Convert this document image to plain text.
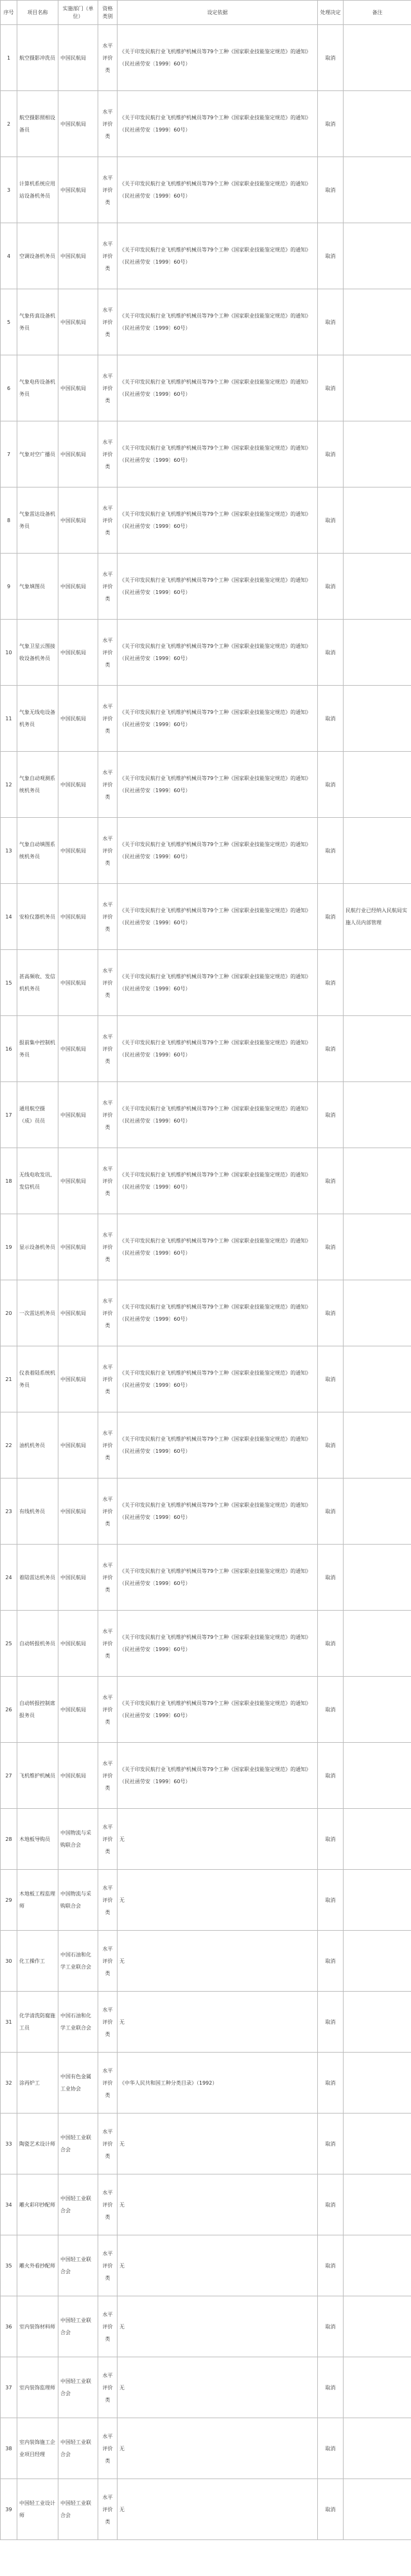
序号	项目名称	实施部门（单位）	资格类别	设定依据	处理决定	备注
1	航空摄影冲洗员	中国民航局	水平评价类	《关于印发民航行业飞机维护机械员等79个工种《国家职业技能鉴定规范》的通知》（民社函劳安〔1999〕60号）	取消	
2	航空摄影照相设备员	中国民航局	水平评价类	《关于印发民航行业飞机维护机械员等79个工种《国家职业技能鉴定规范》的通知》（民社函劳安〔1999〕60号）	取消	
3	计算机系统应用站设备机务员	中国民航局	水平评价类	《关于印发民航行业飞机维护机械员等79个工种《国家职业技能鉴定规范》的通知》（民社函劳安〔1999〕60号）	取消	
4	空调设备机务员	中国民航局	水平评价类	《关于印发民航行业飞机维护机械员等79个工种《国家职业技能鉴定规范》的通知》（民社函劳安〔1999〕60号）	取消	
5	气象传真设备机务员	中国民航局	水平评价类	《关于印发民航行业飞机维护机械员等79个工种《国家职业技能鉴定规范》的通知》（民社函劳安〔1999〕60号）	取消	
6	气象电传设备机务员	中国民航局	水平评价类	《关于印发民航行业飞机维护机械员等79个工种《国家职业技能鉴定规范》的通知》（民社函劳安〔1999〕60号）	取消	
7	气象对空广播员	中国民航局	水平评价类	《关于印发民航行业飞机维护机械员等79个工种《国家职业技能鉴定规范》的通知》（民社函劳安〔1999〕60号）	取消	
8	气象雷达设备机务员	中国民航局	水平评价类	《关于印发民航行业飞机维护机械员等79个工种《国家职业技能鉴定规范》的通知》（民社函劳安〔1999〕60号）	取消	
9	气象填图员	中国民航局	水平评价类	《关于印发民航行业飞机维护机械员等79个工种《国家职业技能鉴定规范》的通知》（民社函劳安〔1999〕60号）	取消	
10	气象卫星云图接收设备机务员	中国民航局	水平评价类	《关于印发民航行业飞机维护机械员等79个工种《国家职业技能鉴定规范》的通知》（民社函劳安〔1999〕60号）	取消	
11	气象无线电设备机务员	中国民航局	水平评价类	《关于印发民航行业飞机维护机械员等79个工种《国家职业技能鉴定规范》的通知》（民社函劳安〔1999〕60号）	取消	
12	气象自动观测系统机务员	中国民航局	水平评价类	《关于印发民航行业飞机维护机械员等79个工种《国家职业技能鉴定规范》的通知》（民社函劳安〔1999〕60号）	取消	
13	气象自动填图系统机务员	中国民航局	水平评价类	《关于印发民航行业飞机维护机械员等79个工种《国家职业技能鉴定规范》的通知》（民社函劳安〔1999〕60号）	取消	
14	安检仪器机务员	中国民航局	水平评价类	《关于印发民航行业飞机维护机械员等79个工种《国家职业技能鉴定规范》的通知》（民社函劳安〔1999〕60号）	取消	民航行业已经纳入民航局实施人员内部管理
15	甚高频收、发信机机务员	中国民航局	水平评价类	《关于印发民航行业飞机维护机械员等79个工种《国家职业技能鉴定规范》的通知》（民社函劳安〔1999〕60号）	取消	
16	报前集中控制机务员	中国民航局	水平评价类	《关于印发民航行业飞机维护机械员等79个工种《国家职业技能鉴定规范》的通知》（民社函劳安〔1999〕60号）	取消	
17	通用航空摄（成）员员	中国民航局	水平评价类	《关于印发民航行业飞机维护机械员等79个工种《国家职业技能鉴定规范》的通知》（民社函劳安〔1999〕60号）	取消	
18	无线电收发讯、发信机员	中国民航局	水平评价类	《关于印发民航行业飞机维护机械员等79个工种《国家职业技能鉴定规范》的通知》（民社函劳安〔1999〕60号）	取消	
19	显示设备机务员	中国民航局	水平评价类	《关于印发民航行业飞机维护机械员等79个工种《国家职业技能鉴定规范》的通知》（民社函劳安〔1999〕60号）	取消	
20	一次雷达机务员	中国民航局	水平评价类	《关于印发民航行业飞机维护机械员等79个工种《国家职业技能鉴定规范》的通知》（民社函劳安〔1999〕60号）	取消	
21	仪表着陆系统机务员	中国民航局	水平评价类	《关于印发民航行业飞机维护机械员等79个工种《国家职业技能鉴定规范》的通知》（民社函劳安〔1999〕60号）	取消	
22	油机机务员	中国民航局	水平评价类	《关于印发民航行业飞机维护机械员等79个工种《国家职业技能鉴定规范》的通知》（民社函劳安〔1999〕60号）	取消	
23	有线机务员	中国民航局	水平评价类	《关于印发民航行业飞机维护机械员等79个工种《国家职业技能鉴定规范》的通知》（民社函劳安〔1999〕60号）	取消	
24	着陆雷达机务员	中国民航局	水平评价类	《关于印发民航行业飞机维护机械员等79个工种《国家职业技能鉴定规范》的通知》（民社函劳安〔1999〕60号）	取消	
25	自动转报机务员	中国民航局	水平评价类	《关于印发民航行业飞机维护机械员等79个工种《国家职业技能鉴定规范》的通知》（民社函劳安〔1999〕60号）	取消	
26	自动转报控制席报务员	中国民航局	水平评价类	《关于印发民航行业飞机维护机械员等79个工种《国家职业技能鉴定规范》的通知》（民社函劳安〔1999〕60号）	取消	
27	飞机维护机械员	中国民航局	水平评价类	《关于印发民航行业飞机维护机械员等79个工种《国家职业技能鉴定规范》的通知》（民社函劳安〔1999〕60号）	取消	
28	木地板导购员	中国物流与采购联合会	水平评价类	无	取消	
29	木地板工程监理师	中国物流与采购联合会	水平评价类	无	取消	
30	化工操作工	中国石油和化学工业联合会	水平评价类	无	取消	
31	化学清洗防腐施工员	中国石油和化学工业联合会	水平评价类	无	取消	
32	涂再炉工	中国有色金属工业协会	水平评价类	《中华人民共和国工种分类目录》（1992）	取消	
33	陶瓷艺术设计师	中国轻工业联合会	水平评价类	无	取消	
34	雕火彩印抄配师	中国轻工业联合会	水平评价类	无	取消	
35	雕火外看抄配师	中国轻工业联合会	水平评价类	无	取消	
36	室内装饰材料师	中国轻工业联合会	水平评价类	无	取消	
37	室内装饰监理师	中国轻工业联合会	水平评价类	无	取消	
38	室内装饰施工企业项目经理	中国轻工业联合会	水平评价类	无	取消	
39	中国轻工业设计师	中国轻工业联合会	水平评价类	无	取消	
